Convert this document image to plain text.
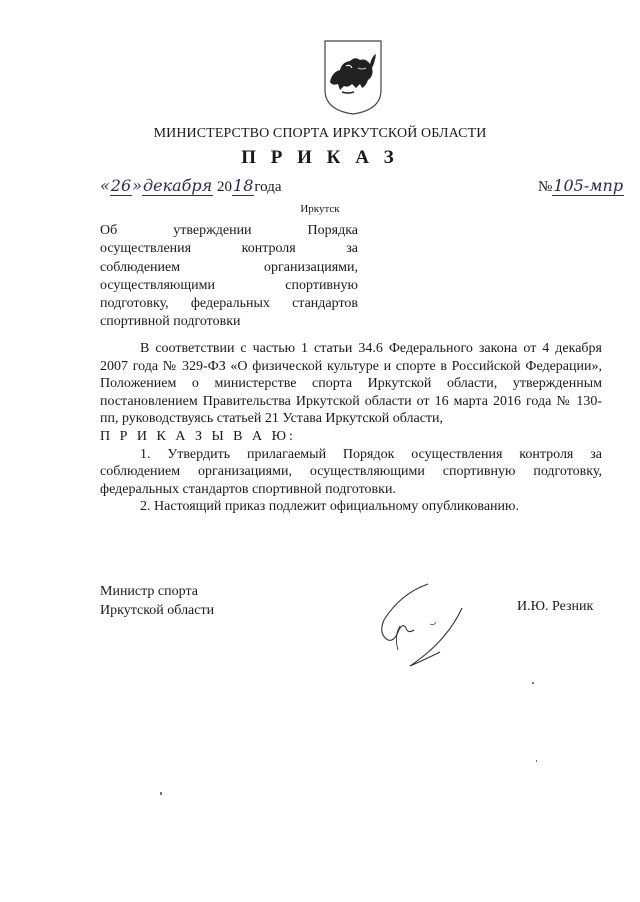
МИНИСТЕРСТВО СПОРТА ИРКУТСКОЙ ОБЛАСТИ
П Р И К А З
«26»декабря 2018года	№105-мпр
Иркутск
Об утверждении Порядка
осуществления контроля за
соблюдением организациями,
осуществляющими спортивную
подготовку, федеральных стандартов
спортивной подготовки

В соответствии с частью 1 статьи 34.6 Федерального закона от 4 декабря 2007 года № 329-ФЗ «О физической культуре и спорте в Российской Федерации», Положением о министерстве спорта Иркутской области, утвержденным постановлением Правительства Иркутской области от 16 марта 2016 года № 130-пп, руководствуясь статьей 21 Устава Иркутской области,

П Р И К А З Ы В А Ю:

1. Утвердить прилагаемый Порядок осуществления контроля за соблюдением организациями, осуществляющими спортивную подготовку, федеральных стандартов спортивной подготовки.

2. Настоящий приказ подлежит официальному опубликованию.

Министр спорта
Иркутской области	И.Ю. Резник
